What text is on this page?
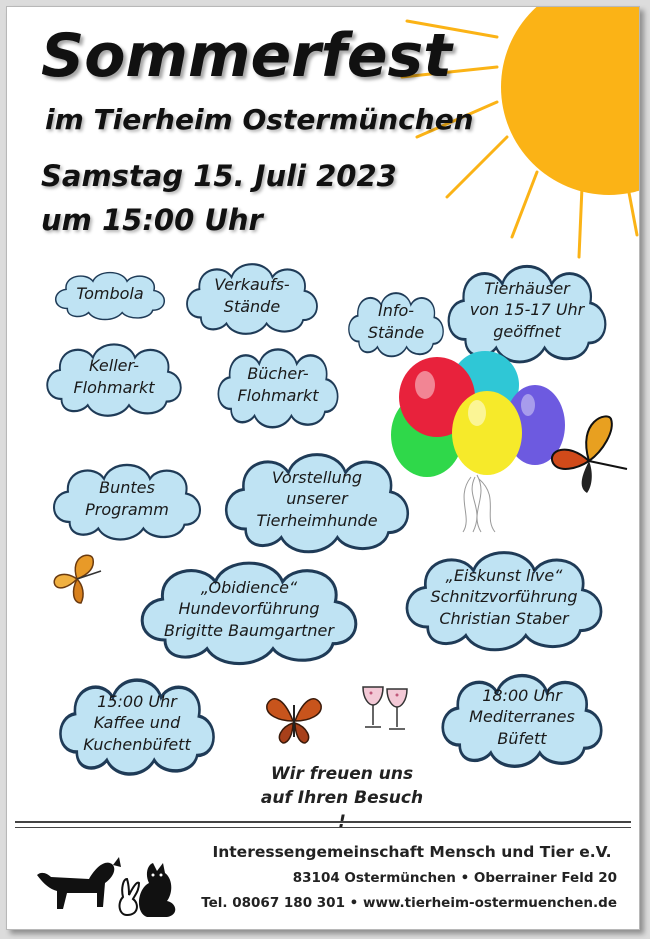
Sommerfest
im Tierheim Ostermünchen
Samstag 15. Juli 2023
um 15:00 Uhr
Tombola	Verkaufs-
Stände	Info-
Stände
Tierhäuser
von 15-17 Uhr
geöffnet
Keller-
Flohmarkt
Bücher-
Flohmarkt
Buntes
Programm
Vorstellung
unserer
Tierheimhunde
„Obidience“
Hundevorführung
Brigitte Baumgartner
„Eiskunst live“
Schnitzvorführung
Christian Staber
15:00 Uhr
Kaffee und
Kuchenbüfett
18:00 Uhr
Mediterranes
Büfett
Wir freuen uns
auf Ihren Besuch
Interessengemeinschaft Mensch und Tier e.V.
83104 Ostermünchen • Oberrainer Feld 20
Tel. 08067 180 301 • www.tierheim-ostermuenchen.de
